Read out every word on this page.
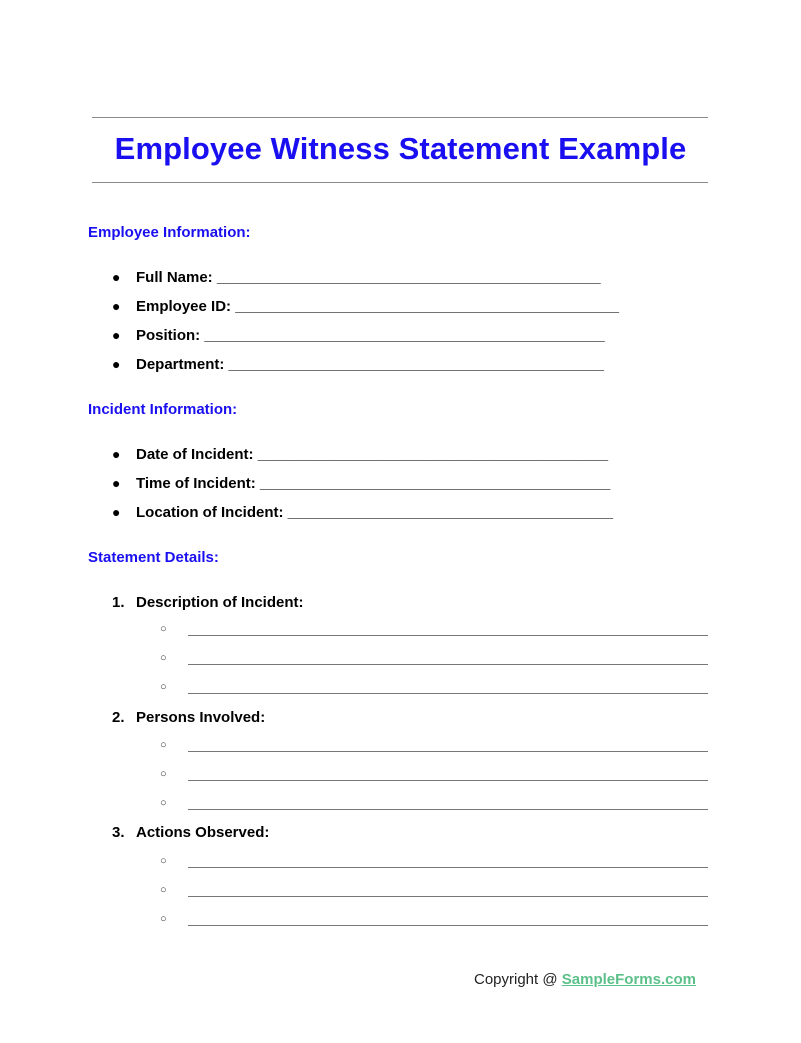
Employee Witness Statement Example
Employee Information:
● Full Name: ______________________________________________
● Employee ID: ______________________________________________
● Position: ________________________________________________
● Department: _____________________________________________
Incident Information:
● Date of Incident: __________________________________________
● Time of Incident: __________________________________________
● Location of Incident: _______________________________________
Statement Details:
1. Description of Incident:
○
○
○
2. Persons Involved:
○
○
○
3. Actions Observed:
○
○
○
Copyright @ SampleForms.com
